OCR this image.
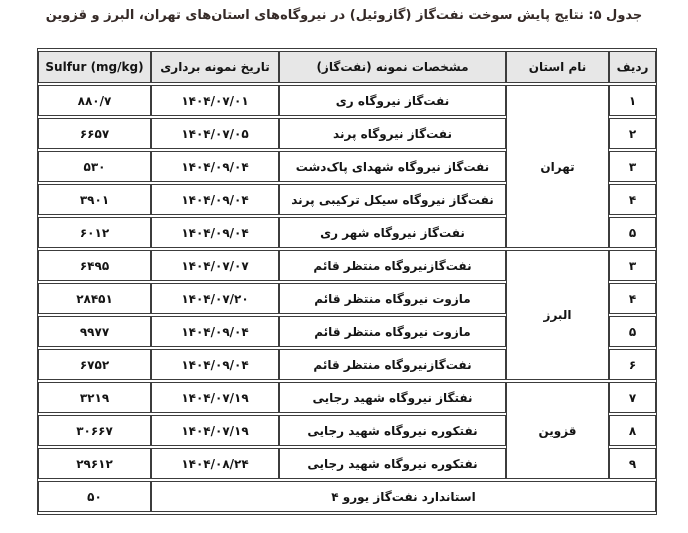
جدول ۵: نتایج پایش سوخت نفت‌گاز (گازوئیل) در نیروگاه‌های استان‌های تهران، البرز و قزوین
ردیف	نام استان	مشخصات نمونه (نفت‌گاز)	تاریخ نمونه برداری	Sulfur (mg/kg)
۱	تهران	نفت‌گاز نیروگاه ری	۱۴۰۴/۰۷/۰۱	۸۸۰/۷
۲		نفت‌گاز نیروگاه پرند	۱۴۰۴/۰۷/۰۵	۶۶۵۷
۳		نفت‌گاز نیروگاه شهدای پاک‌دشت	۱۴۰۴/۰۹/۰۴	۵۳۰
۴		نفت‌گاز نیروگاه سیکل ترکیبی پرند	۱۴۰۴/۰۹/۰۴	۳۹۰۱
۵		نفت‌گاز نیروگاه شهر ری	۱۴۰۴/۰۹/۰۴	۶۰۱۲
۳	البرز	نفت‌گازنیروگاه منتظر قائم	۱۴۰۴/۰۷/۰۷	۶۴۹۵
۴		مازوت نیروگاه منتظر قائم	۱۴۰۴/۰۷/۲۰	۲۸۴۵۱
۵		مازوت نیروگاه منتظر قائم	۱۴۰۴/۰۹/۰۴	۹۹۷۷
۶		نفت‌گازنیروگاه منتظر قائم	۱۴۰۴/۰۹/۰۴	۶۷۵۲
۷	قزوین	نفتگاز نیروگاه شهید رجایی	۱۴۰۴/۰۷/۱۹	۳۲۱۹
۸		نفتکوره نیروگاه شهید رجایی	۱۴۰۴/۰۷/۱۹	۳۰۶۶۷
۹		نفتکوره نیروگاه شهید رجایی	۱۴۰۴/۰۸/۲۴	۲۹۶۱۲
استاندارد نفت‌گاز یورو ۴				۵۰
